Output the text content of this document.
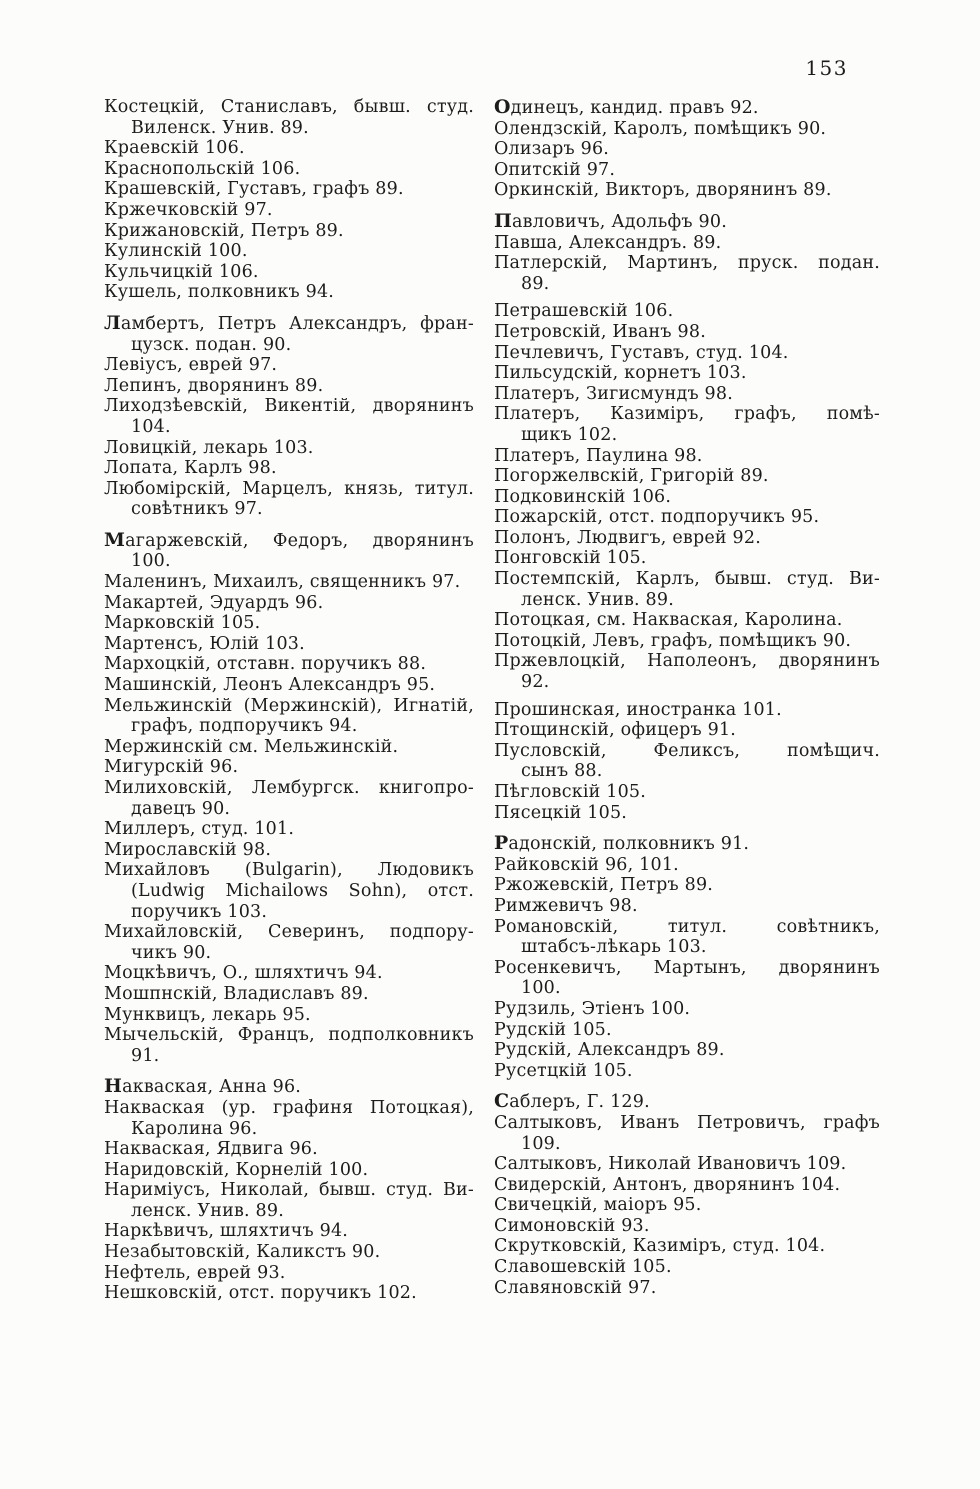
153
Костецкій, Станиславъ, бывш. студ.
Виленск. Унив. 89.
Краевскій 106.
Краснопольскій 106.
Крашевскій, Густавъ, графъ 89.
Кржечковскій 97.
Крижановскій, Петръ 89.
Кулинскій 100.
Кульчицкій 106.
Кушель, полковникъ 94.
Ламбертъ, Петръ Александръ, фран-
цузск. подан. 90.
Левіусъ, еврей 97.
Лепинъ, дворянинъ 89.
Лиходзѣевскій, Викентій, дворянинъ
104.
Ловицкій, лекарь 103.
Лопата, Карлъ 98.
Любомірскій, Марцелъ, князь, титул.
совѣтникъ 97.
Магаржевскій, Федоръ, дворянинъ
100.
Маленинъ, Михаилъ, священникъ 97.
Макартей, Эдуардъ 96.
Марковскій 105.
Мартенсъ, Юлій 103.
Мархоцкій, отставн. поручикъ 88.
Машинскій, Леонъ Александръ 95.
Мельжинскій (Мержинскій), Игнатій,
графъ, подпоручикъ 94.
Мержинскій см. Мельжинскій.
Мигурскій 96.
Милиховскій, Лембургск. книгопро-
давецъ 90.
Миллеръ, студ. 101.
Мирославскій 98.
Михайловъ (Bulgarin), Людовикъ
(Ludwig Michailows Sohn), отст.
поручикъ 103.
Михайловскій, Северинъ, подпору-
чикъ 90.
Моцкѣвичъ, О., шляхтичъ 94.
Мошпнскій, Владиславъ 89.
Мунквицъ, лекарь 95.
Мычельскій, Францъ, подполковникъ
91.
Накваская, Анна 96.
Накваская (ур. графиня Потоцкая),
Каролина 96.
Накваская, Ядвига 96.
Наридовскій, Корнелій 100.
Нариміусъ, Николай, бывш. студ. Ви-
ленск. Унив. 89.
Наркѣвичъ, шляхтичъ 94.
Незабытовскій, Каликстъ 90.
Нефтель, еврей 93.
Нешковскій, отст. поручикъ 102.
Одинецъ, кандид. правъ 92.
Олендзскій, Каролъ, помѣщикъ 90.
Олизаръ 96.
Опитскій 97.
Оркинскій, Викторъ, дворянинъ 89.
Павловичъ, Адольфъ 90.
Павша, Александръ. 89.
Патлерскій, Мартинъ, пруск. подан.
89.
Петрашевскій 106.
Петровскій, Иванъ 98.
Печлевичъ, Густавъ, студ. 104.
Пильсудскій, корнетъ 103.
Платеръ, Зигисмундъ 98.
Платеръ, Казиміръ, графъ, помѣ-
щикъ 102.
Платеръ, Паулина 98.
Погоржелвскій, Григорій 89.
Подковинскій 106.
Пожарскій, отст. подпоручикъ 95.
Полонъ, Людвигъ, еврей 92.
Понговскій 105.
Постемпскій, Карлъ, бывш. студ. Ви-
ленск. Унив. 89.
Потоцкая, см. Накваская, Каролина.
Потоцкій, Левъ, графъ, помѣщикъ 90.
Пржевлоцкій, Наполеонъ, дворянинъ
92.
Прошинская, иностранка 101.
Птощинскій, офицеръ 91.
Пусловскій, Феликсъ, помѣщич.
сынъ 88.
Пѣгловскій 105.
Пясецкій 105.
Радонскій, полковникъ 91.
Райковскій 96, 101.
Ржожевскій, Петръ 89.
Римжевичъ 98.
Романовскій, титул. совѣтникъ,
штабсъ-лѣкарь 103.
Росенкевичъ, Мартынъ, дворянинъ
100.
Рудзиль, Этіенъ 100.
Рудскій 105.
Рудскій, Александръ 89.
Русетцкій 105.
Саблеръ, Г. 129.
Салтыковъ, Иванъ Петровичъ, графъ
109.
Салтыковъ, Николай Ивановичъ 109.
Свидерскій, Антонъ, дворянинъ 104.
Свичецкій, маіоръ 95.
Симоновскій 93.
Скрутковскій, Казиміръ, студ. 104.
Славошевскій 105.
Славяновскій 97.
